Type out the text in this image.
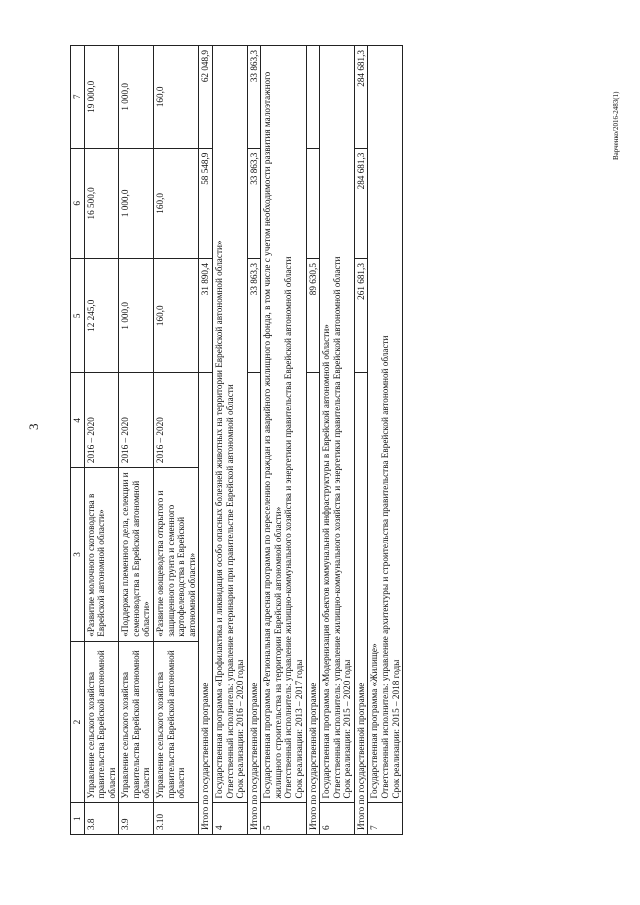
3
Варченко/2016-2483(1)
1	2	3	4	5	6	7
3.8	Управление сельского хозяйства правительства Еврейской автономной области	«Развитие молочного скотоводства в Еврейской автономной области»	2016 – 2020	12 245,0	16 500,0	19 000,0
3.9	Управление сельского хозяйства правительства Еврейской автономной области	«Поддержка племенного дела, селекции и семеноводства в Еврейской автономной области»	2016 – 2020	1 000,0	1 000,0	1 000,0
3.10	Управление сельского хозяйства правительства Еврейской автономной области	«Развитие овощеводства открытого и защищенного грунта и семенного картофелеводства в Еврейской автономной области»	2016 – 2020	160,0	160,0	160,0
Итого по государственной программе				31 890,4	58 548,9	62 048,9
4	Государственная программа «Профилактика и ликвидация особо опасных болезней животных на территории Еврейской автономной области» Ответственный исполнитель: управление ветеринарии при правительстве Еврейской автономной области Срок реализации: 2016 – 2020 годы					

Итого по государственной программе				33 863,3	33 863,3	33 863,3
5	Государственная программа «Региональная адресная программа по переселению граждан из аварийного жилищного фонда, в том числе с учетом необходимости развития малоэтажного жилищного строительства на территории Еврейской автономной области» Ответственный исполнитель: управление жилищно-коммунального хозяйства и энергетики правительства Еврейской автономной области Срок реализации: 2013 – 2017 годы					

Итого по государственной программе				89 630,5		
6	Государственная программа «Модернизация объектов коммунальной инфраструктуры в Еврейской автономной области» Ответственный исполнитель: управление жилищно-коммунального хозяйства и энергетики правительства Еврейской автономной области Срок реализации: 2015 – 2020 годы					

Итого по государственной программе				261 681,3	284 681,3	284 681,3
7	Государственная программа «Жилище» Ответственный исполнитель: управление архитектуры и строительства правительства Еврейской автономной области Срок реализации: 2015 – 2018 годы					
